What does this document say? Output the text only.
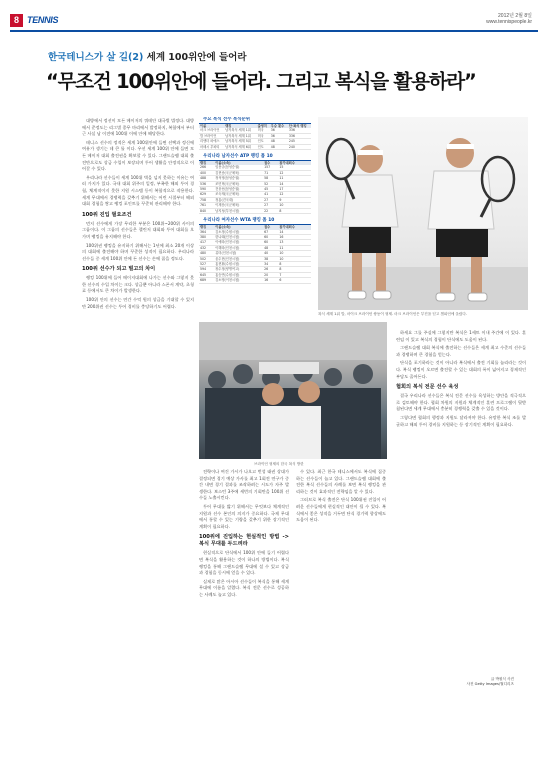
8 TENNIS	2012년 2월 8일
www.tennispeople.kr
한국테니스가 살 길(2) 세계 100위안에 들어라
“무조건 100위안에 들어라. 그리고 복식을 활용하라”

대방에서 정선이 모든 메이저의 쿼테안 대국별 법정다. 대방에서 준정도는 리그별 종무 마리에서 발정하지, 복합에서 부터 근 사실 남 이전에 100위 이에 안에 해당한다.

테니스 선수의 정적은 세계 100위안에 들면 선택과 정신에 여유가 생기는 데 큰 틀 이다. 우선 세계 100위 안에 들면 모든 메이저 대회 출전권을 확보할 수 있다. 그랜드슬램 대회 출전만으로도 상금 수입이 보장되며 투어 생활을 안정적으로 이어갈 수 있다.

우리나라 선수들이 세계 100위 벽을 넘지 못하는 이유는 여러 가지가 있다. 국내 대회 위주의 일정, 부족한 해외 투어 경험, 체계적이지 못한 지원 시스템 등이 복합적으로 작용한다. 세계 무대에서 경쟁력을 갖추기 위해서는 어린 시절부터 해외 대회 경험을 쌓고 랭킹 포인트를 꾸준히 관리해야 한다.

100위 진입 필요조건

먼저 선수에게 가장 무리한 부분은 100위~200위 사이의 그룹이다. 이 그룹의 선수들은 챌린저 대회와 투어 대회를 오가며 랭킹을 유지해야 한다.

100위권 랭킹을 유지하기 위해서는 1년에 최소 20개 이상의 대회에 출전해야 하며 꾸준한 성적이 필요하다. 우리나라 선수들 중 세계 100위 안에 든 선수는 손에 꼽을 정도다.

100위 선수가 되고 벌고의 차이

랭킹 100위에 들어 메이저대회에 나가는 선수와 그렇지 못한 선수의 수입 차이는 크다. 상금뿐 아니라 스폰서 계약, 초청료 등에서도 큰 차이가 발생한다.

100위 안의 선수는 연간 수억 원의 상금을 기대할 수 있지만 200위권 선수는 투어 경비를 충당하기도 어렵다.

주요 복식 선수 복식순위
이름	랭킹	출생지	우승 횟수	단·복식 랭킹
마크 브라이언	남자복식 세계 1위	미국	36	336
밥 브라이언	남자복식 세계 1위	미국	36	336
리앤더 파에스	남자복식 세계 5위	인도	48	245
마헤시 부파티	남자복식 세계 6위	인도	48	240
우리나라 남자선수 ATP 랭킹 톱 10
랭킹	이름(소속)	점수	참가대회수
266	임용규(삼성증권)	157	15
400	김현준(국군체육)	71	12
488	정석영(삼성증권)	58	11
536	조민혁(국군체육)	52	14
590	전웅선(삼성증권)	45	17
629	조숙재(국군체육)	41	12
758	정홍(건국대)	27	9
761	이재문(국군체육)	27	10
840	남지성(부천시청)	22	8
우리나라 여자선수 WTA 랭킹 톱 10
랭킹	이름(소속)	점수	참가대회수
364	김소정(수원시청)	67	14
380	한나래(인천시청)	60	16
417	이예라(인천시청)	60	13
432	이해라(인천시청)	48	11
480	류미(인천시청)	40	10
502	윤수현(인천시청)	38	10
527	홍현휘(수원시청)	34	8
594	장수정(양명여고)	26	8
645	홍승연(수원시청)	20	7
689	김소영(이천시청)	16	6
복식 세계 1위 밥, 마이크 브라이언 쌍둥이 형제. 마크 브라이언은 부진을 딛고 챔피언에 올랐다.
브라이언 형제의 한국 복식 방한

전략이나 여건 가시가 나오고 번성 태권 상대가 결정되면 경기 예상 가사를 최고 1회전 연구가 중간 내면 경기 결과를 조작하려는 시도가 자주 발생한다. 보스턴 3주에 세번의 기회만을 100위 선수들 노출시킨다.

투어 무대를 밟기 위해서는 무엇보다 체계적인 지원과 선수 본인의 의지가 중요하다. 국제 무대에서 통할 수 있는 기량을 갖추기 위한 장기적인 계획이 필요하다.

100위에 진입하는 현실적인 방법 -> 복식 무대를 두드려라

현실적으로 단식에서 100위 안에 들기 어렵다면 복식을 활용하는 것이 하나의 방법이다. 복식 랭킹을 통해 그랜드슬램 무대에 설 수 있고 상금과 경험을 동시에 얻을 수 있다.

실제로 많은 아시아 선수들이 복식을 통해 세계 무대에 이름을 알렸다. 복식 전문 선수로 성공하는 사례도 늘고 있다.

수 있다. 최근 한국 테니스에서도 복식에 집중하는 선수들이 늘고 있다. 그랜드슬램 대회에 출전한 복식 선수들의 사례를 보면 복식 랭킹을 관리하는 것이 효과적인 전략임을 알 수 있다.

그러므로 복식 출전은 단식 100위권 진입이 어려운 선수들에게 현실적인 대안이 될 수 있다. 복식에서 좋은 성적을 거두면 단식 경기력 향상에도 도움이 된다.

하세요 그를 주실에 그렇지만 복식은 1세트 이내 주간에 이 있다. 훈련임 이 있고 복식의 경험이 단식에도 도움이 된다.

그랜드슬램 대회 복식에 출전하는 선수들은 세계 최고 수준의 선수들과 경쟁하며 큰 경험을 얻는다.

단식을 포기하라는 것이 아니라 복식에서 출전 기회를 늘리라는 것이다. 복식 랭킹이 오르면 출전할 수 있는 대회의 폭이 넓어지고 경제적인 부담도 줄어든다.

협회의 복식 전문 선수 육성

결국 우리나라 선수들은 복식 전문 선수를 육성하는 방안을 적극적으로 검토해야 한다. 협회 차원의 지원과 체계적인 훈련 프로그램이 뒷받침된다면 세계 무대에서 충분히 경쟁력을 갖출 수 있을 것이다.

그렇다면 협회의 행정과 지원도 달라져야 한다. 유망한 복식 조를 발굴하고 해외 투어 경비를 지원하는 등 장기적인 계획이 필요하다.

글 박원식 사진
사진 Getty Images/월디리츠
